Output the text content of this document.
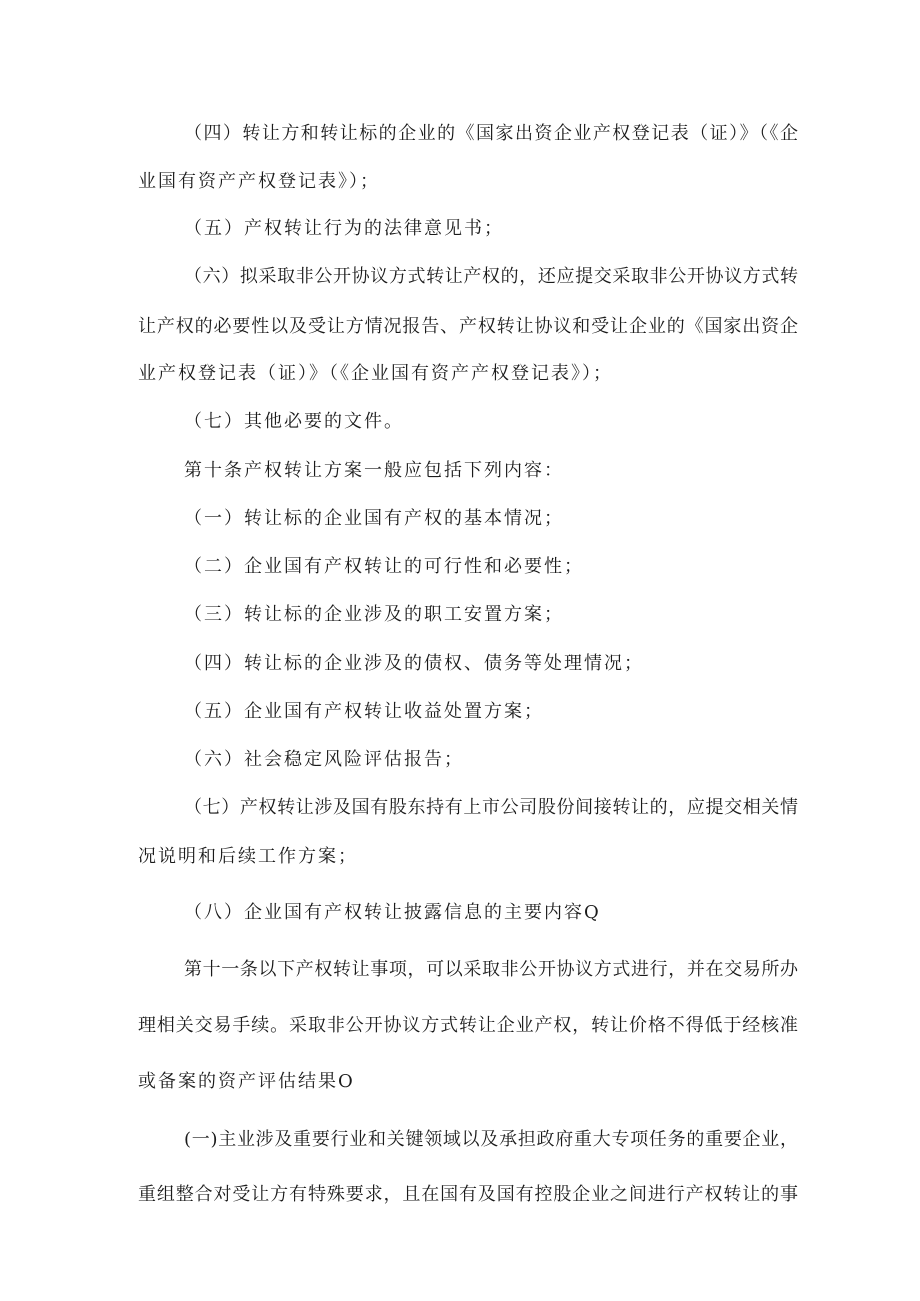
（四）转让方和转让标的企业的《国家出资企业产权登记表（证）》（《企
业国有资产产权登记表》）；
（五）产权转让行为的法律意见书；
（六）拟采取非公开协议方式转让产权的，还应提交采取非公开协议方式转
让产权的必要性以及受让方情况报告、产权转让协议和受让企业的《国家出资企
业产权登记表（证）》（《企业国有资产产权登记表》）；
（七）其他必要的文件。
第十条产权转让方案一般应包括下列内容：
（一）转让标的企业国有产权的基本情况；
（二）企业国有产权转让的可行性和必要性；
（三）转让标的企业涉及的职工安置方案；
（四）转让标的企业涉及的债权、债务等处理情况；
（五）企业国有产权转让收益处置方案；
（六）社会稳定风险评估报告；
（七）产权转让涉及国有股东持有上市公司股份间接转让的，应提交相关情
况说明和后续工作方案；
（八）企业国有产权转让披露信息的主要内容Q
第十一条以下产权转让事项，可以采取非公开协议方式进行，并在交易所办
理相关交易手续。采取非公开协议方式转让企业产权，转让价格不得低于经核准
或备案的资产评估结果O
(一)主业涉及重要行业和关键领域以及承担政府重大专项任务的重要企业，
重组整合对受让方有特殊要求，且在国有及国有控股企业之间进行产权转让的事
